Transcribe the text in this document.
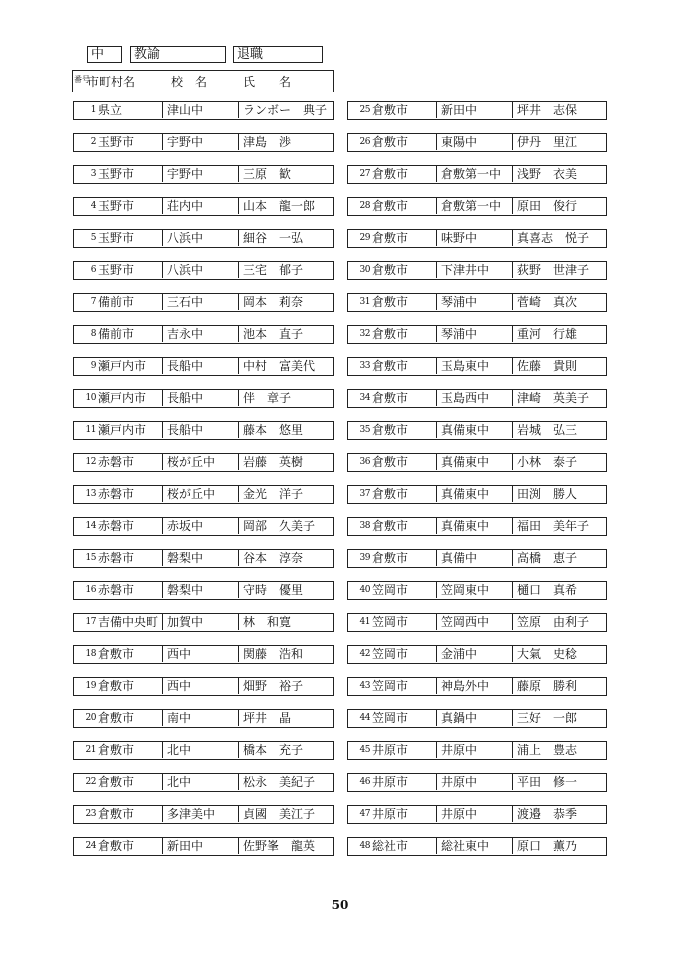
中 教諭	退職
番号
市町村名	校　名	氏　　名
1 県立	津山中	ランボー　典子
2 玉野市	宇野中	津島　渉
3 玉野市	宇野中	三原　歓
4 玉野市	荘内中	山本　龍一郎
5 玉野市	八浜中	細谷　一弘
6 玉野市	八浜中	三宅　郁子
7 備前市	三石中	岡本　莉奈
8 備前市	吉永中	池本　直子
9 瀬戸内市	長船中	中村　富美代
10 瀬戸内市	長船中	伴　章子
11 瀬戸内市	長船中	藤本　悠里
12 赤磐市	桜が丘中	岩藤　英樹
13 赤磐市	桜が丘中	金光　洋子
14 赤磐市	赤坂中	岡部　久美子
15 赤磐市	磐梨中	谷本　淳奈
16 赤磐市	磐梨中	守時　優里
17 吉備中央町 加賀中	林　和寛
18 倉敷市	西中	関藤　浩和
19 倉敷市	西中	畑野　裕子
20 倉敷市	南中	坪井　晶
21 倉敷市	北中	橋本　充子
22 倉敷市	北中	松永　美紀子
23 倉敷市	多津美中	貞國　美江子
24 倉敷市	新田中	佐野峯　龍英
25 倉敷市	新田中	坪井　志保
26 倉敷市	東陽中	伊丹　里江
27 倉敷市	倉敷第一中	浅野　衣美
28 倉敷市	倉敷第一中	原田　俊行
29 倉敷市	味野中	真喜志　悦子
30 倉敷市	下津井中	荻野　世津子
31 倉敷市	琴浦中	菅崎　真次
32 倉敷市	琴浦中	重河　行雄
33 倉敷市	玉島東中	佐藤　貴則
34 倉敷市	玉島西中	津崎　英美子
35 倉敷市	真備東中	岩城　弘三
36 倉敷市	真備東中	小林　泰子
37 倉敷市	真備東中	田渕　勝人
38 倉敷市	真備東中	福田　美年子
39 倉敷市	真備中	高橋　恵子
40 笠岡市	笠岡東中	樋口　真希
41 笠岡市	笠岡西中	笠原　由利子
42 笠岡市	金浦中	大氣　史稔
43 笠岡市	神島外中	藤原　勝利
44 笠岡市	真鍋中	三好　一郎
45 井原市	井原中	浦上　豊志
46 井原市	井原中	平田　修一
47 井原市	井原中	渡邉　恭季
48 総社市	総社東中	原口　薫乃
50
